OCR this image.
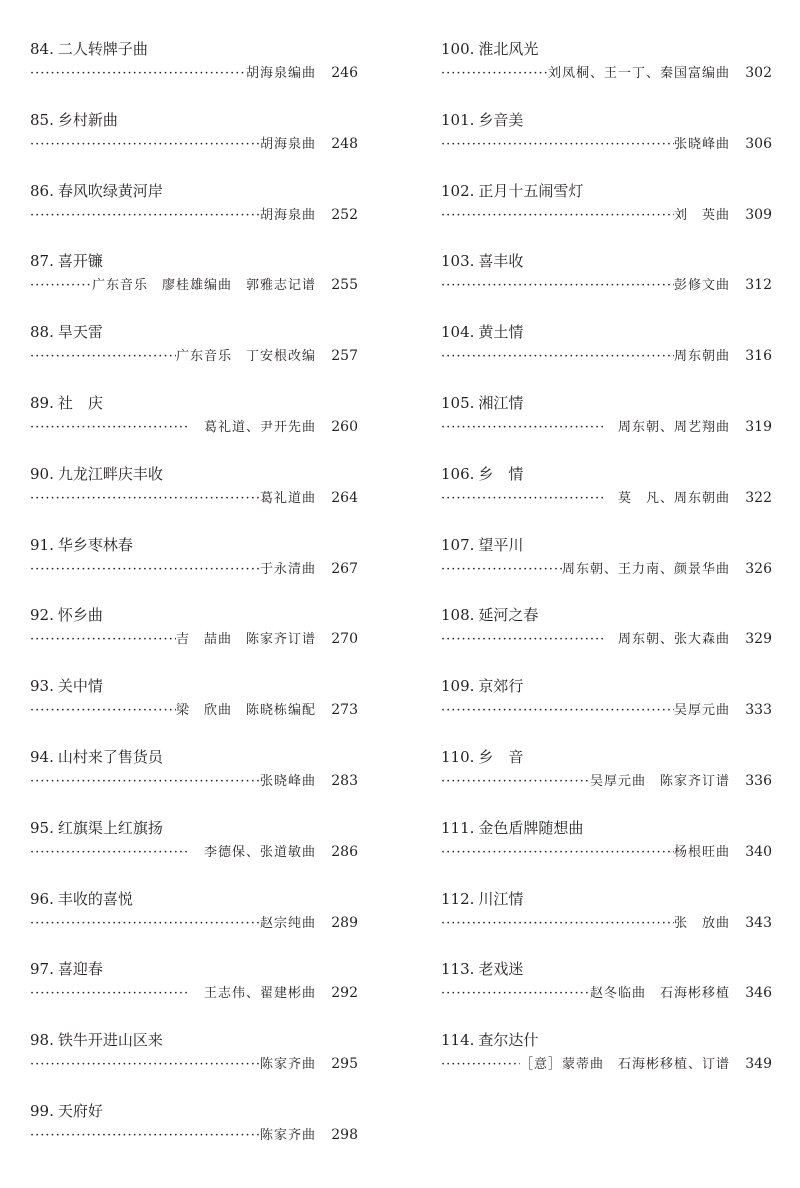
84. 二人转牌子曲
·····
胡海泉编曲 246
85. 乡村新曲
·····
胡海泉曲 248
86. 春风吹绿黄河岸
·····
胡海泉曲 252
87. 喜开镰
·····
广东音乐　廖桂雄编曲　郭雅志记谱 255
88. 旱天雷
·····
广东音乐　丁安根改编 257
89. 社　庆
·····
　葛礼道、尹开先曲 260
90. 九龙江畔庆丰收
·····
葛礼道曲 264
91. 华乡枣林春
·····
于永清曲 267
92. 怀乡曲
·····
吉　喆曲　陈家齐订谱 270
93. 关中情
·····
梁　欣曲　陈晓栋编配 273
94. 山村来了售货员
·····
张晓峰曲 283
95. 红旗渠上红旗扬
·····
　李德保、张道敏曲 286
96. 丰收的喜悦
·····
赵宗纯曲 289
97. 喜迎春
·····
　王志伟、翟建彬曲 292
98. 铁牛开进山区来
·····
陈家齐曲 295
99. 天府好
·····
陈家齐曲 298
100. 淮北风光
·····
刘凤桐、王一丁、秦国富编曲 302
101. 乡音美
·····
张晓峰曲 306
102. 正月十五闹雪灯
·····
刘　英曲 309
103. 喜丰收
·····
彭修文曲 312
104. 黄土情
·····
周东朝曲 316
105. 湘江情
·····
　周东朝、周艺翔曲 319
106. 乡　情
·····
　莫　凡、周东朝曲 322
107. 望平川
·····
周东朝、王力南、颜景华曲 326
108. 延河之春
·····
　周东朝、张大森曲 329
109. 京郊行
·····
吴厚元曲 333
110. 乡　音
·····
吴厚元曲　陈家齐订谱 336
111. 金色盾牌随想曲
·····
杨根旺曲 340
112. 川江情
·····
张　放曲 343
113. 老戏迷
·····
赵冬临曲　石海彬移植 346
114. 查尔达什
·····
［意］蒙蒂曲　石海彬移植、订谱 349
